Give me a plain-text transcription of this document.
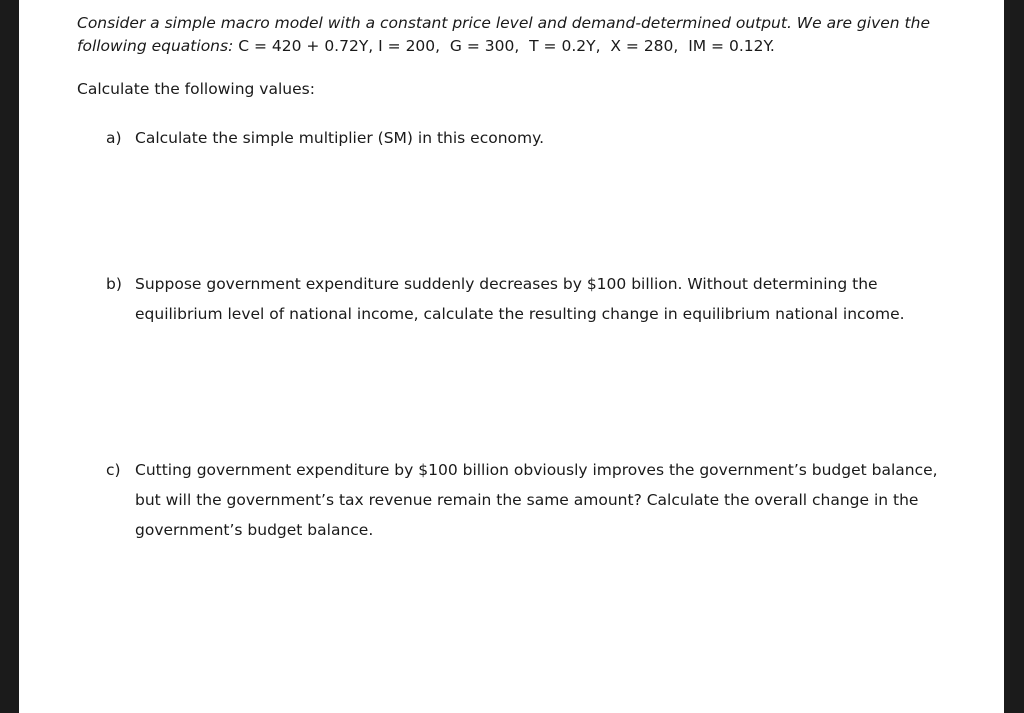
Consider a simple macro model with a constant price level and demand-determined output. We are given the following equations: C = 420 + 0.72Y, I = 200,  G = 300,  T = 0.2Y,  X = 280,  IM = 0.12Y.

Calculate the following values:

a) Calculate the simple multiplier (SM) in this economy.
b) Suppose government expenditure suddenly decreases by $100 billion. Without determining the equilibrium level of national income, calculate the resulting change in equilibrium national income.
c) Cutting government expenditure by $100 billion obviously improves the government’s budget balance, but will the government’s tax revenue remain the same amount? Calculate the overall change in the government’s budget balance.
